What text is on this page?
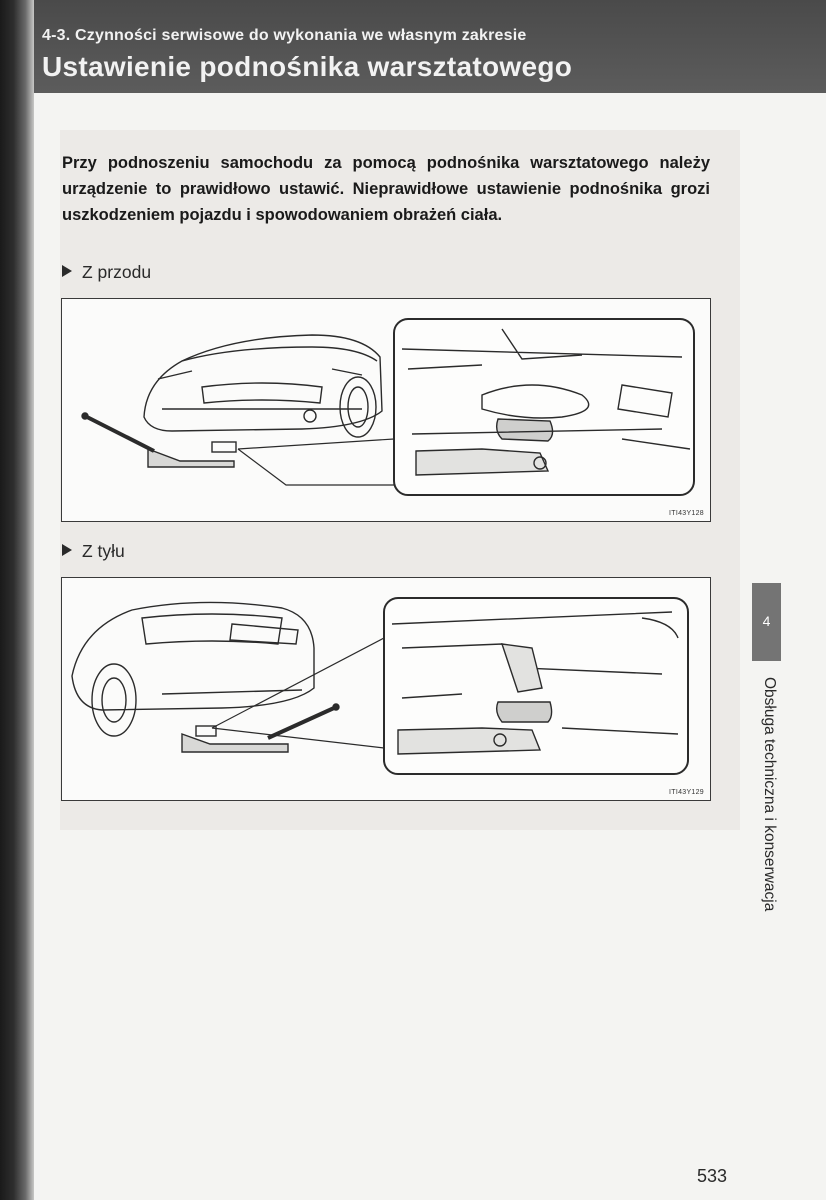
4-3. Czynności serwisowe do wykonania we własnym zakresie
Ustawienie podnośnika warsztatowego

Przy podnoszeniu samochodu za pomocą podnośnika warsztatowego należy urządzenie to prawidłowo ustawić. Nieprawidłowe ustawienie podnośnika grozi uszkodzeniem pojazdu i spowodowaniem obrażeń ciała.

Z przodu
ITI43Y128
Z tyłu
ITI43Y129
4
Obsługa techniczna i konserwacja
533
